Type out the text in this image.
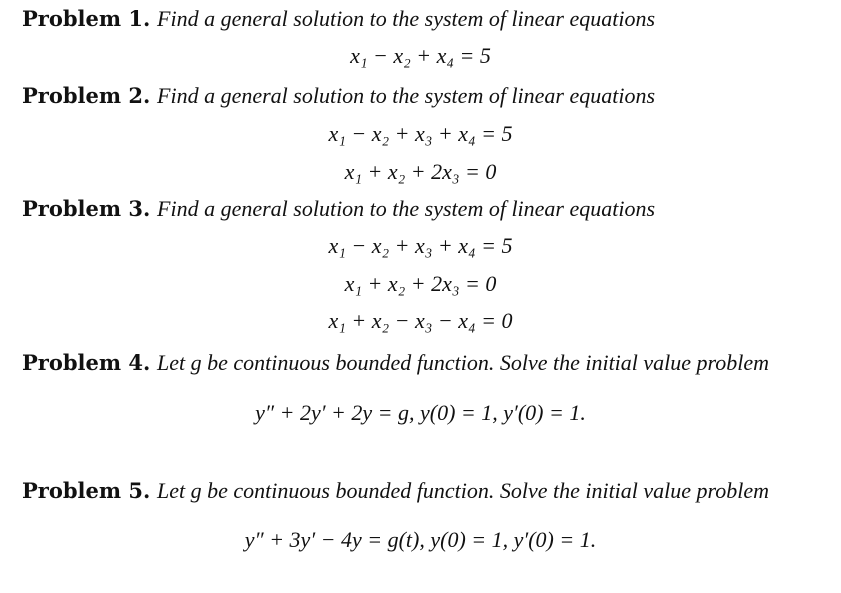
Problem 1. Find a general solution to the system of linear equations
x₁ − x₂ + x₄ = 5
Problem 2. Find a general solution to the system of linear equations
x₁ − x₂ + x₃ + x₄ = 5
x₁ + x₂ + 2x₃ = 0
Problem 3. Find a general solution to the system of linear equations
x₁ − x₂ + x₃ + x₄ = 5
x₁ + x₂ + 2x₃ = 0
x₁ + x₂ − x₃ − x₄ = 0
Problem 4. Let g be continuous bounded function. Solve the initial value problem
y″ + 2y′ + 2y = g, y(0) = 1, y′(0) = 1.
Problem 5. Let g be continuous bounded function. Solve the initial value problem
y″ + 3y′ − 4y = g(t), y(0) = 1, y′(0) = 1.
